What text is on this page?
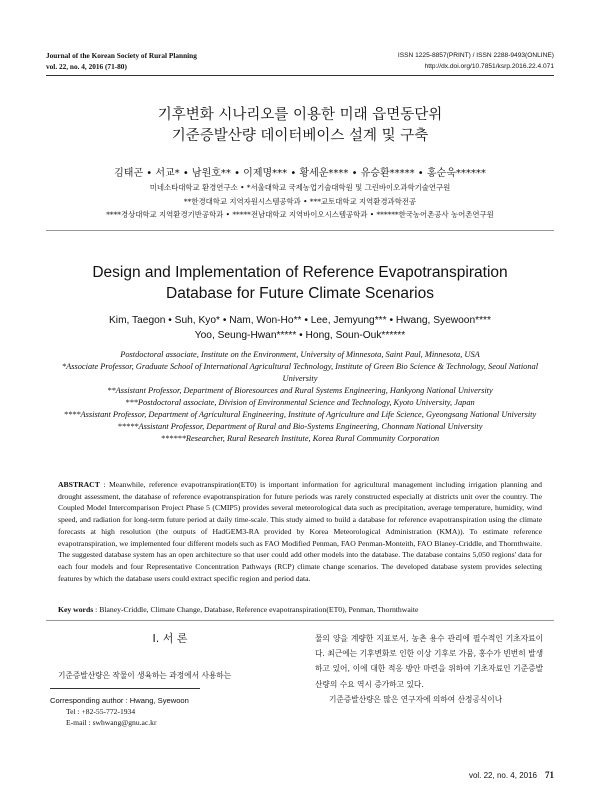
Journal of the Korean Society of Rural Planning
vol. 22, no. 4, 2016 (71-80)
ISSN 1225-8857(PRINT) / ISSN 2288-9493(ONLINE)
http://dx.doi.org/10.7851/ksrp.2016.22.4.071
기후변화 시나리오를 이용한 미래 읍면동단위
기준증발산량 데이터베이스 설계 및 구축
김태곤 • 서교* • 남원호** • 이제명*** • 황세운**** • 유승환***** • 홍순욱******
미네소타대학교 환경연구소 • *서울대학교 국제농업기술대학원 및 그린바이오과학기술연구원
**한경대학교 지역자원시스템공학과 • ***교토대학교 지역환경과학전공
****경상대학교 지역환경기반공학과 • *****전남대학교 지역바이오시스템공학과 • ******한국농어촌공사 농어촌연구원
Design and Implementation of Reference Evapotranspiration
Database for Future Climate Scenarios
Kim, Taegon • Suh, Kyo* • Nam, Won-Ho** • Lee, Jemyung*** • Hwang, Syewoon****
Yoo, Seung-Hwan***** • Hong, Soun-Ouk******
Postdoctoral associate, Institute on the Environment, University of Minnesota, Saint Paul, Minnesota, USA
*Associate Professor, Graduate School of International Agricultural Technology, Institute of Green Bio Science & Technology, Seoul National University
**Assistant Professor, Department of Bioresources and Rural Systems Engineering, Hankyong National University
***Postdoctoral associate, Division of Environmental Science and Technology, Kyoto University, Japan
****Assistant Professor, Department of Agricultural Engineering, Institute of Agriculture and Life Science, Gyeongsang National University
*****Assistant Professor, Department of Rural and Bio-Systems Engineering, Chonnam National University
******Researcher, Rural Research Institute, Korea Rural Community Corporation
ABSTRACT : Meanwhile, reference evapotranspiration(ET0) is important information for agricultural management including irrigation planning and drought assessment, the database of reference evapotranspiration for future periods was rarely constructed especially at districts unit over the country. The Coupled Model Intercomparison Project Phase 5 (CMIP5) provides several meteorological data such as precipitation, average temperature, humidity, wind speed, and radiation for long-term future period at daily time-scale. This study aimed to build a database for reference evapotranspiration using the climate forecasts at high resolution (the outputs of HadGEM3-RA provided by Korea Meteorological Administration (KMA)). To estimate reference evapotranspiration, we implemented four different models such as FAO Modified Penman, FAO Penman-Monteith, FAO Blaney-Criddle, and Thornthwaite. The suggested database system has an open architecture so that user could add other models into the database. The database contains 5,050 regions' data for each four models and four Representative Concentration Pathways (RCP) climate change scenarios. The developed database system provides selecting features by which the database users could extract specific region and period data.
Key words : Blaney-Criddle, Climate Change, Database, Reference evapotranspiration(ET0), Penman, Thornthwaite
Ⅰ. 서 론
기준증발산량은 작물이 생육하는 과정에서 사용하는
Corresponding author : Hwang, Syewoon
Tel : +82-55-772-1934
E-mail : swhwang@gnu.ac.kr
물의 양을 계량한 지표로서, 농촌 용수 관리에 필수적인 기초자료이다. 최근에는 기후변화로 인한 이상 기후로 가뭄, 홍수가 빈번히 발생하고 있어, 이에 대한 적응 방안 마련을 위하여 기초자료인 기준증발산량의 수요 역시 증가하고 있다.
기준증발산량은 많은 연구자에 의하여 산정공식이나
vol. 22, no. 4, 2016 71
